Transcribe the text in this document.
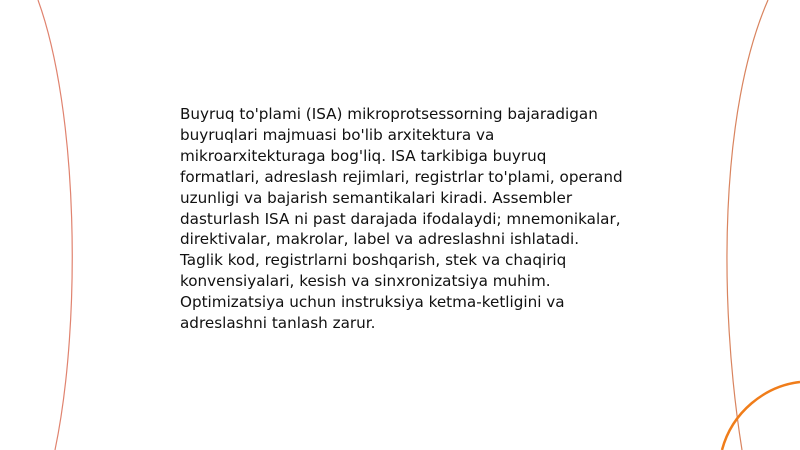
Buyruq to'plami (ISA) mikroprotsessorning bajaradigan buyruqlari majmuasi bo'lib arxitektura va mikroarxitekturaga bog'liq. ISA tarkibiga buyruq formatlari, adreslash rejimlari, registrlar to'plami, operand uzunligi va bajarish semantikalari kiradi. Assembler dasturlash ISA ni past darajada ifodalaydi; mnemonikalar, direktivalar, makrolar, label va adreslashni ishlatadi. Taglik kod, registrlarni boshqarish, stek va chaqiriq konvensiyalari, kesish va sinxronizatsiya muhim. Optimizatsiya uchun instruksiya ketma-ketligini va adreslashni tanlash zarur.
